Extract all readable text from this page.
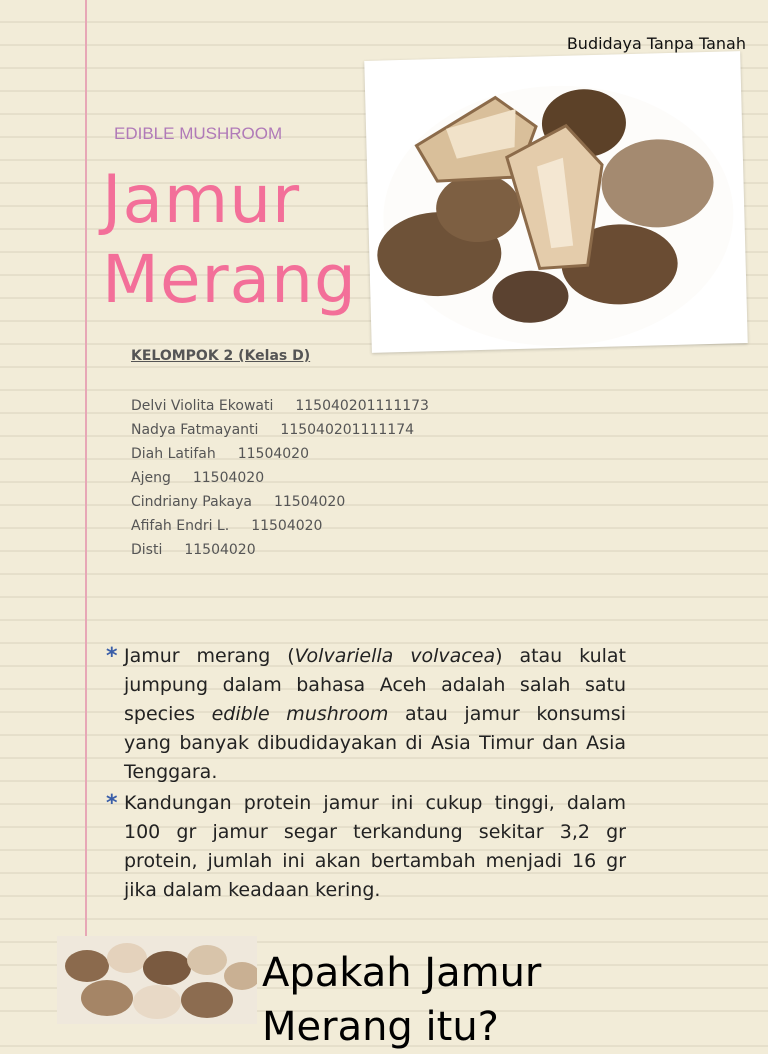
Budidaya Tanpa Tanah
EDIBLE MUSHROOM
Jamur
Merang
KELOMPOK 2 (Kelas D)
Delvi Violita Ekowati 115040201111173
Nadya Fatmayanti 115040201111174
Diah Latifah 11504020
Ajeng 11504020
Cindriany Pakaya 11504020
Afifah Endri L. 11504020
Disti 11504020
* Jamur merang (Volvariella volvacea) atau kulat jumpung dalam bahasa Aceh adalah salah satu species edible mushroom atau jamur konsumsi yang banyak dibudidayakan di Asia Timur dan Asia Tenggara.
* Kandungan protein jamur ini cukup tinggi, dalam 100 gr jamur segar terkandung sekitar 3,2 gr protein, jumlah ini akan bertambah menjadi 16 gr jika dalam keadaan kering.
Apakah Jamur Merang itu?
